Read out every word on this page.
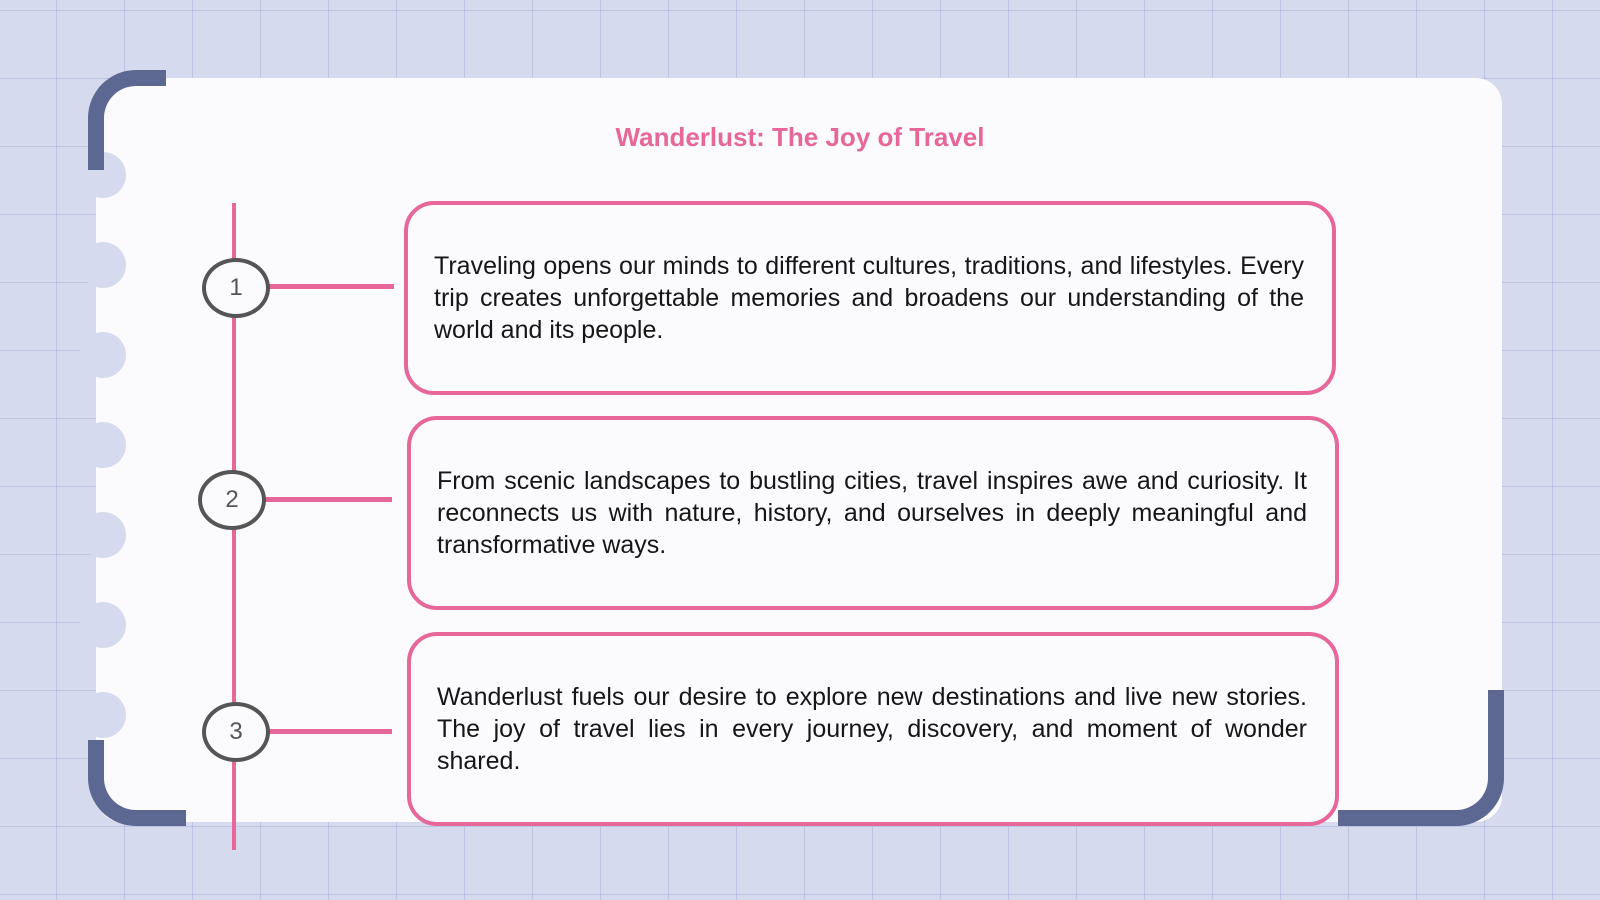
Wanderlust: The Joy of Travel
1
2
3

Traveling opens our minds to different cultures, traditions, and lifestyles. Every trip creates unforgettable memories and broadens our understanding of the world and its people.

From scenic landscapes to bustling cities, travel inspires awe and curiosity. It reconnects us with nature, history, and ourselves in deeply meaningful and transformative ways.

Wanderlust fuels our desire to explore new destinations and live new stories. The joy of travel lies in every journey, discovery, and moment of wonder shared.
